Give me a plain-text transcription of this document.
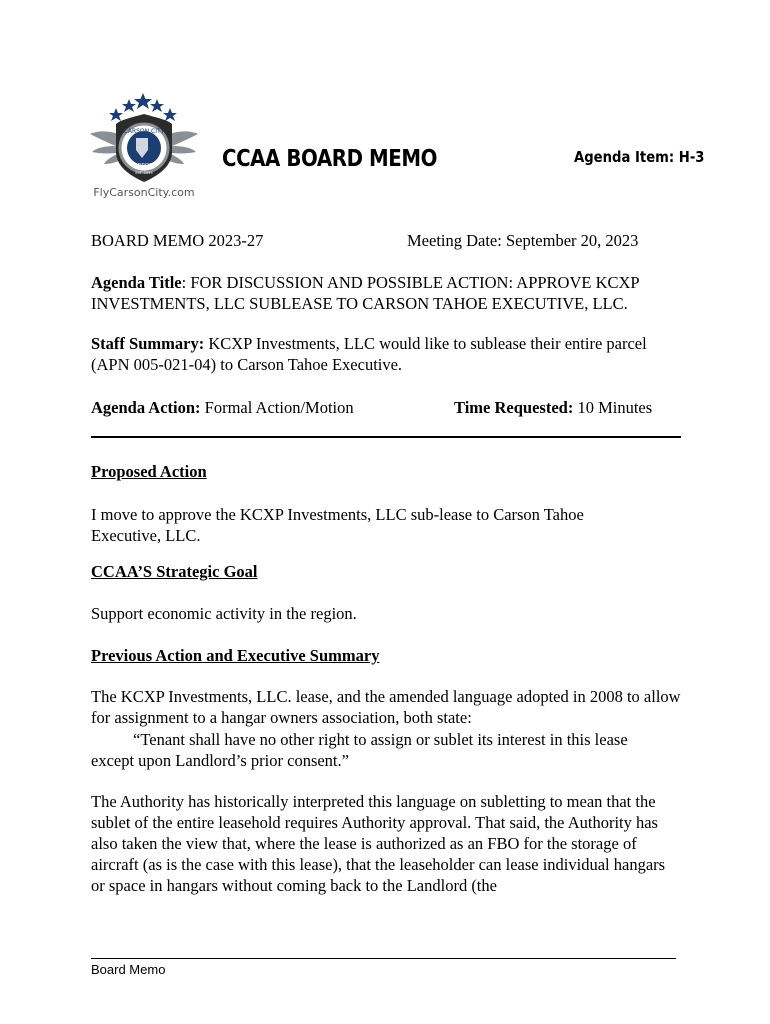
CARSON CITY
AIRPORT
EST. 1959
FlyCarsonCity.com
CCAA BOARD MEMO	Agenda Item: H-3
BOARD MEMO 2023-27	Meeting Date: September 20, 2023
Agenda Title: FOR DISCUSSION AND POSSIBLE ACTION: APPROVE KCXP INVESTMENTS, LLC SUBLEASE TO CARSON TAHOE EXECUTIVE, LLC.
Staff Summary: KCXP Investments, LLC would like to sublease their entire parcel (APN 005-021-04) to Carson Tahoe Executive.
Agenda Action: Formal Action/Motion	Time Requested: 10 Minutes
Proposed Action
I move to approve the KCXP Investments, LLC sub-lease to Carson Tahoe Executive, LLC.
CCAA’S Strategic Goal
Support economic activity in the region.
Previous Action and Executive Summary
The KCXP Investments, LLC. lease, and the amended language adopted in 2008 to allow for assignment to a hangar owners association, both state:
“Tenant shall have no other right to assign or sublet its interest in this lease
except upon Landlord’s prior consent.”
The Authority has historically interpreted this language on subletting to mean that the sublet of the entire leasehold requires Authority approval. That said, the Authority has also taken the view that, where the lease is authorized as an FBO for the storage of aircraft (as is the case with this lease), that the leaseholder can lease individual hangars or space in hangars without coming back to the Landlord (the
Board Memo
